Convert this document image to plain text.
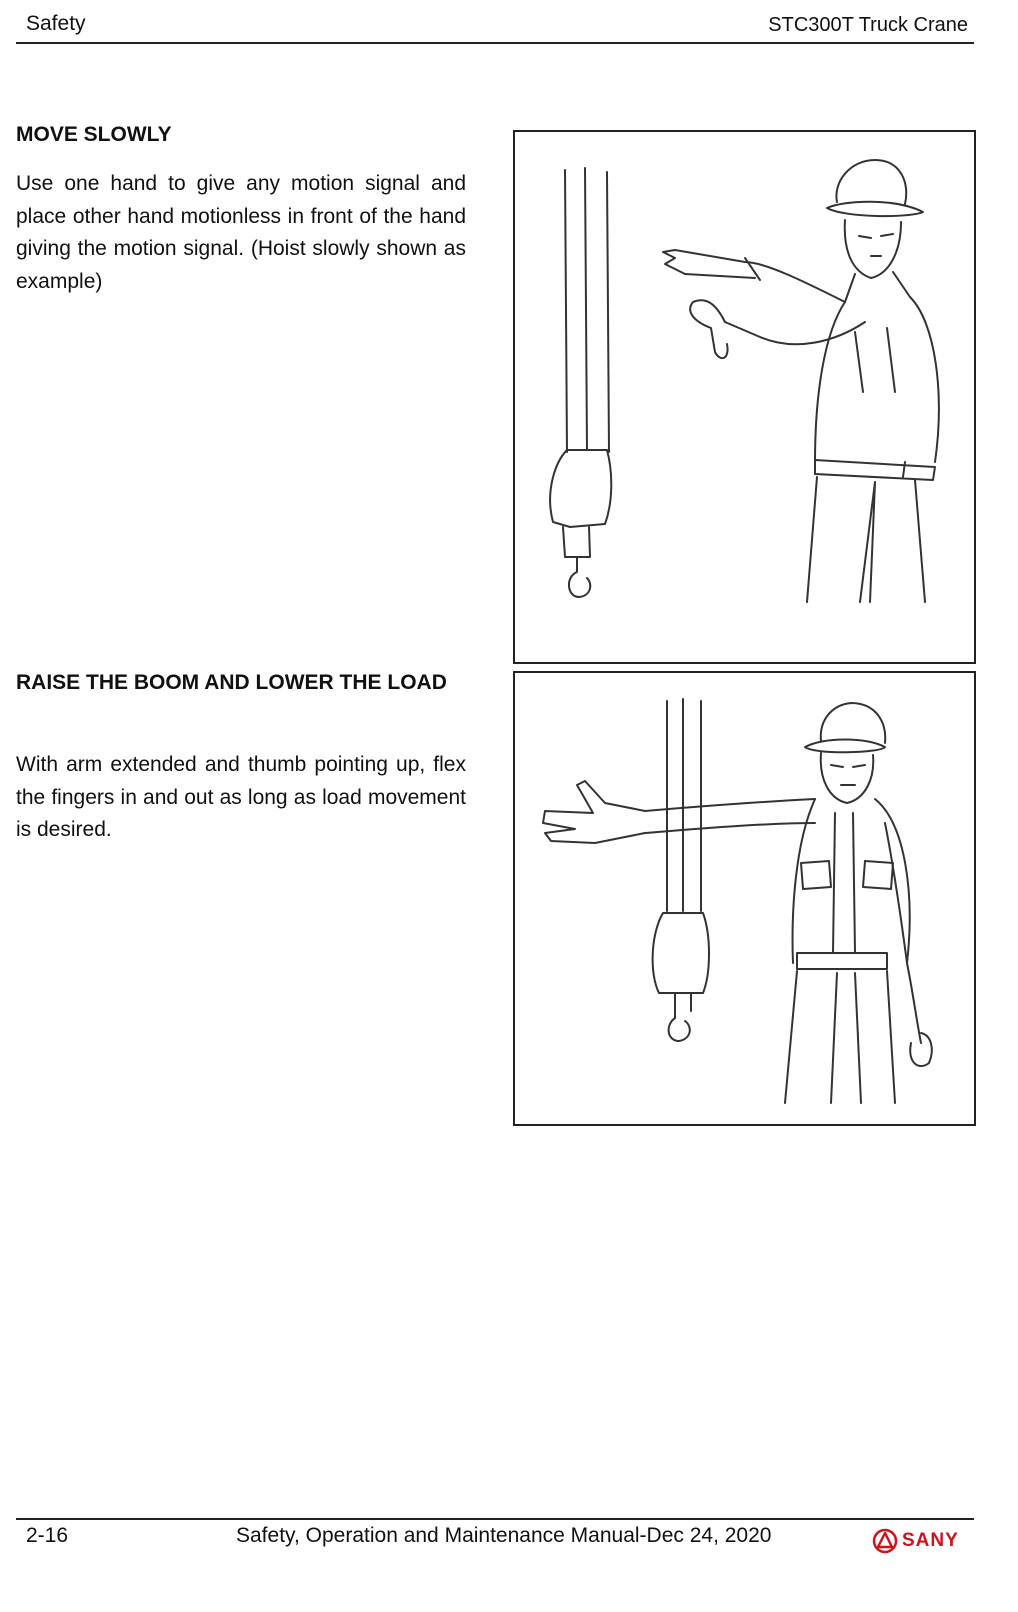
Safety	STC300T Truck Crane
MOVE SLOWLY
Use one hand to give any motion signal and place other hand motionless in front of the hand giving the motion signal. (Hoist slowly shown as example)
RAISE THE BOOM AND LOWER THE LOAD
With arm extended and thumb pointing up, flex the fingers in and out as long as load movement is desired.
2-16	Safety, Operation and Maintenance Manual-Dec 24, 2020	SANY
